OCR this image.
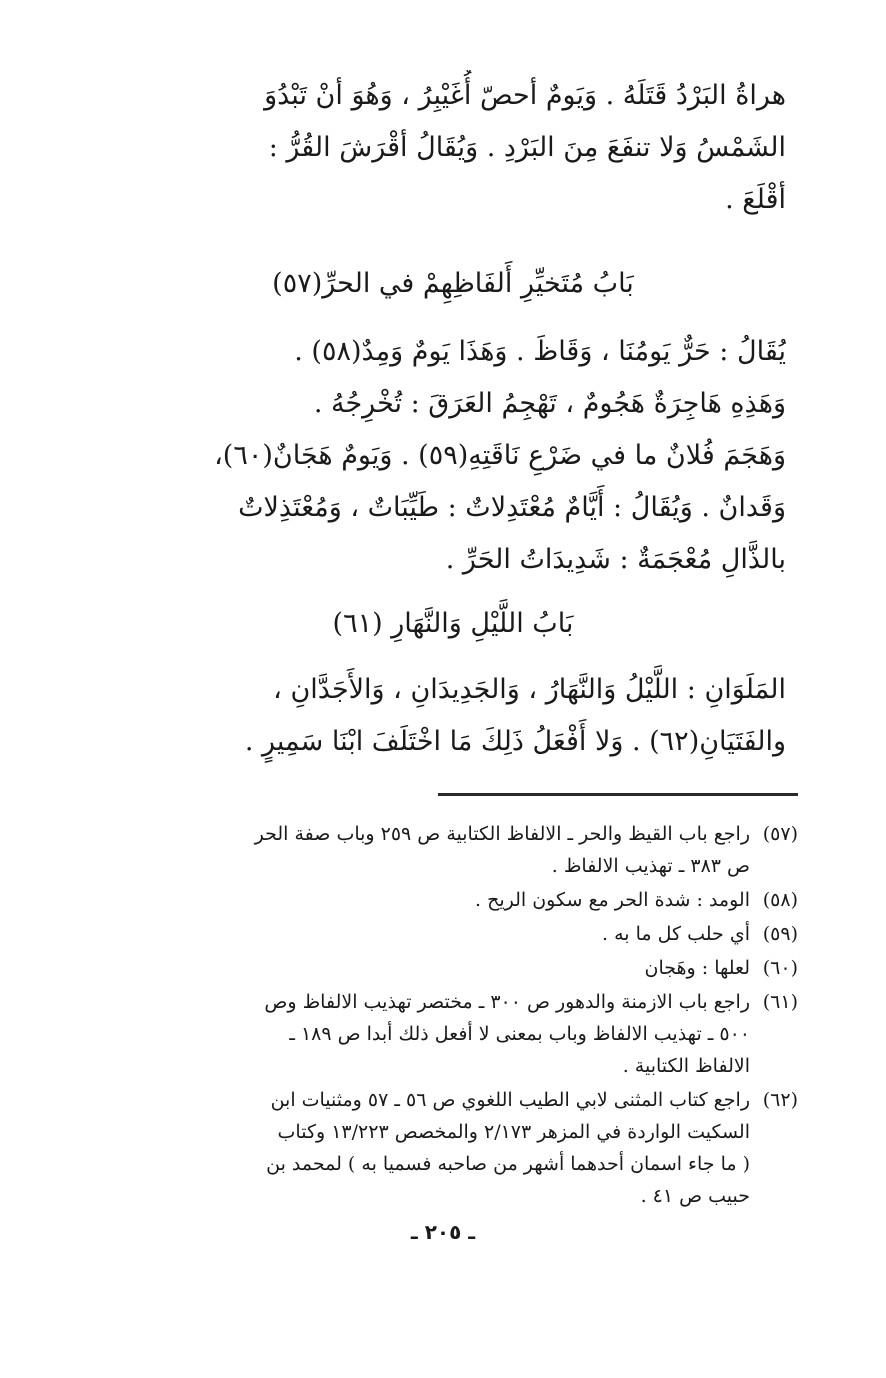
هراةُ البَرْدُ قَتَلَهُ . وَيَومٌ أحصّ أُغَيْبِرُ ، وَهُوَ أنْ تَبْدُوَ
الشَمْسُ وَلا تنفَعَ مِنَ البَرْدِ . وَيُقَالُ أقْرَشَ القُرُّ :
أقْلَعَ .
بَابُ مُتَخيِّرِ أَلفَاظِهِمْ في الحرِّ(٥٧)
يُقَالُ : حَرٌّ يَومُنَا ، وَقَاظَ . وَهَذَا يَومٌ وَمِدٌ(٥٨) .
وَهَذِهِ هَاجِرَةٌ هَجُومٌ ، تَهْجِمُ العَرَقَ : تُخْرِجُهُ .
وَهَجَمَ فُلانٌ ما في ضَرْعِ نَاقَتِهِ(٥٩) . وَيَومٌ هَجَانٌ(٦٠)،
وَقَدانٌ . وَيُقَالُ : أَيَّامٌ مُعْتَدِلاتٌ : طَيِّبَاتٌ ، وَمُعْتَذِلاتٌ
بالذَّالِ مُعْجَمَةٌ : شَدِيدَاتُ الحَرِّ .
بَابُ اللَّيْلِ وَالنَّهَارِ (٦١)
المَلَوَانِ : اللَّيْلُ وَالنَّهَارُ ، وَالجَدِيدَانِ ، وَالأَجَدَّانِ ،
والفَتَيَانِ(٦٢) . وَلا أَفْعَلُ ذَلِكَ مَا اخْتَلَفَ ابْنَا سَمِيرٍ .
(٥٧)
راجع باب القيظ والحر ـ الالفاظ الكتابية ص ٢٥٩ وباب صفة الحر
ص ٣٨٣ ـ تهذيب الالفاظ .
(٥٨)
الومد : شدة الحر مع سكون الريح .
(٥٩)
أي حلب كل ما به .
(٦٠)
لعلها : وهَجان
(٦١)
راجع باب الازمنة والدهور ص ٣٠٠ ـ مختصر تهذيب الالفاظ وص
٥٠٠ ـ تهذيب الالفاظ وباب بمعنى لا أفعل ذلك أبدا ص ١٨٩ ـ
الالفاظ الكتابية .
(٦٢)
راجع كتاب المثنى لابي الطيب اللغوي ص ٥٦ ـ ٥٧ ومثنيات ابن
السكيت الواردة في المزهر ٢/١٧٣ والمخصص ١٣/٢٢٣ وكتاب
( ما جاء اسمان أحدهما أشهر من صاحبه فسميا به ) لمحمد بن
حبيب ص ٤١ .
ـ ٢٠٥ ـ
